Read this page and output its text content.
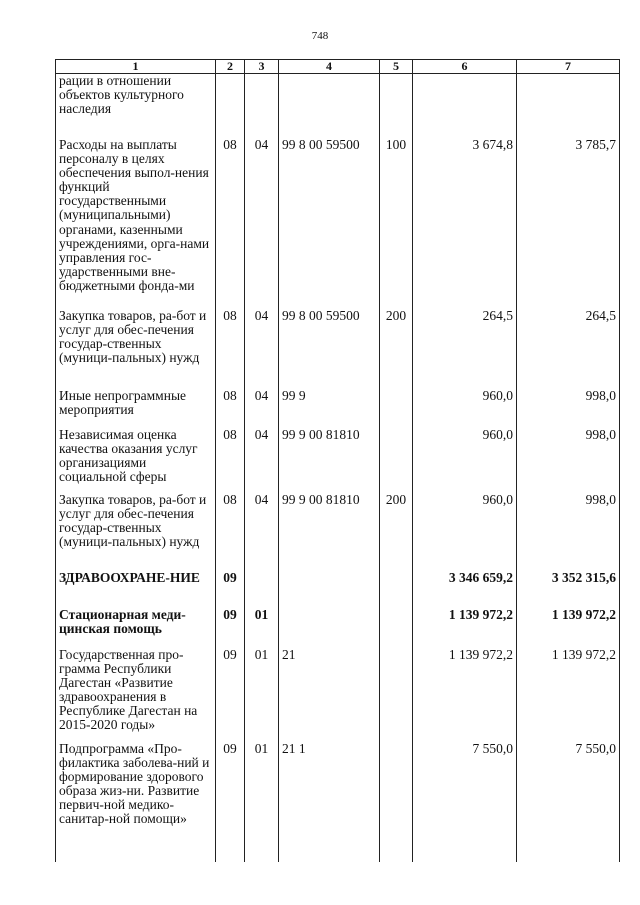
748
1	2	3	4	5	6	7
рации в отношении объектов культурного наследия						
Расходы на выплаты персоналу в целях обеспечения выпол-нения функций государственными (муниципальными) органами, казенными учреждениями, орга-нами управления гос-ударственными вне-бюджетными фонда-ми	08	04	99 8 00 59500	100	3 674,8	3 785,7
Закупка товаров, ра-бот и услуг для обес-печения государ-ственных (муници-пальных) нужд	08	04	99 8 00 59500	200	264,5	264,5
Иные непрограммные мероприятия	08	04	99 9		960,0	998,0
Независимая оценка качества оказания услуг организациями социальной сферы	08	04	99 9 00 81810		960,0	998,0
Закупка товаров, ра-бот и услуг для обес-печения государ-ственных (муници-пальных) нужд	08	04	99 9 00 81810	200	960,0	998,0
ЗДРАВООХРАНЕ-НИЕ	09				3 346 659,2	3 352 315,6
Стационарная меди-цинская помощь	09	01			1 139 972,2	1 139 972,2
Государственная про-грамма Республики Дагестан «Развитие здравоохранения в Республике Дагестан на 2015-2020 годы»	09	01	21		1 139 972,2	1 139 972,2
Подпрограмма «Про-филактика заболева-ний и формирование здорового образа жиз-ни. Развитие первич-ной медико-санитар-ной помощи»	09	01	21 1		7 550,0	7 550,0
